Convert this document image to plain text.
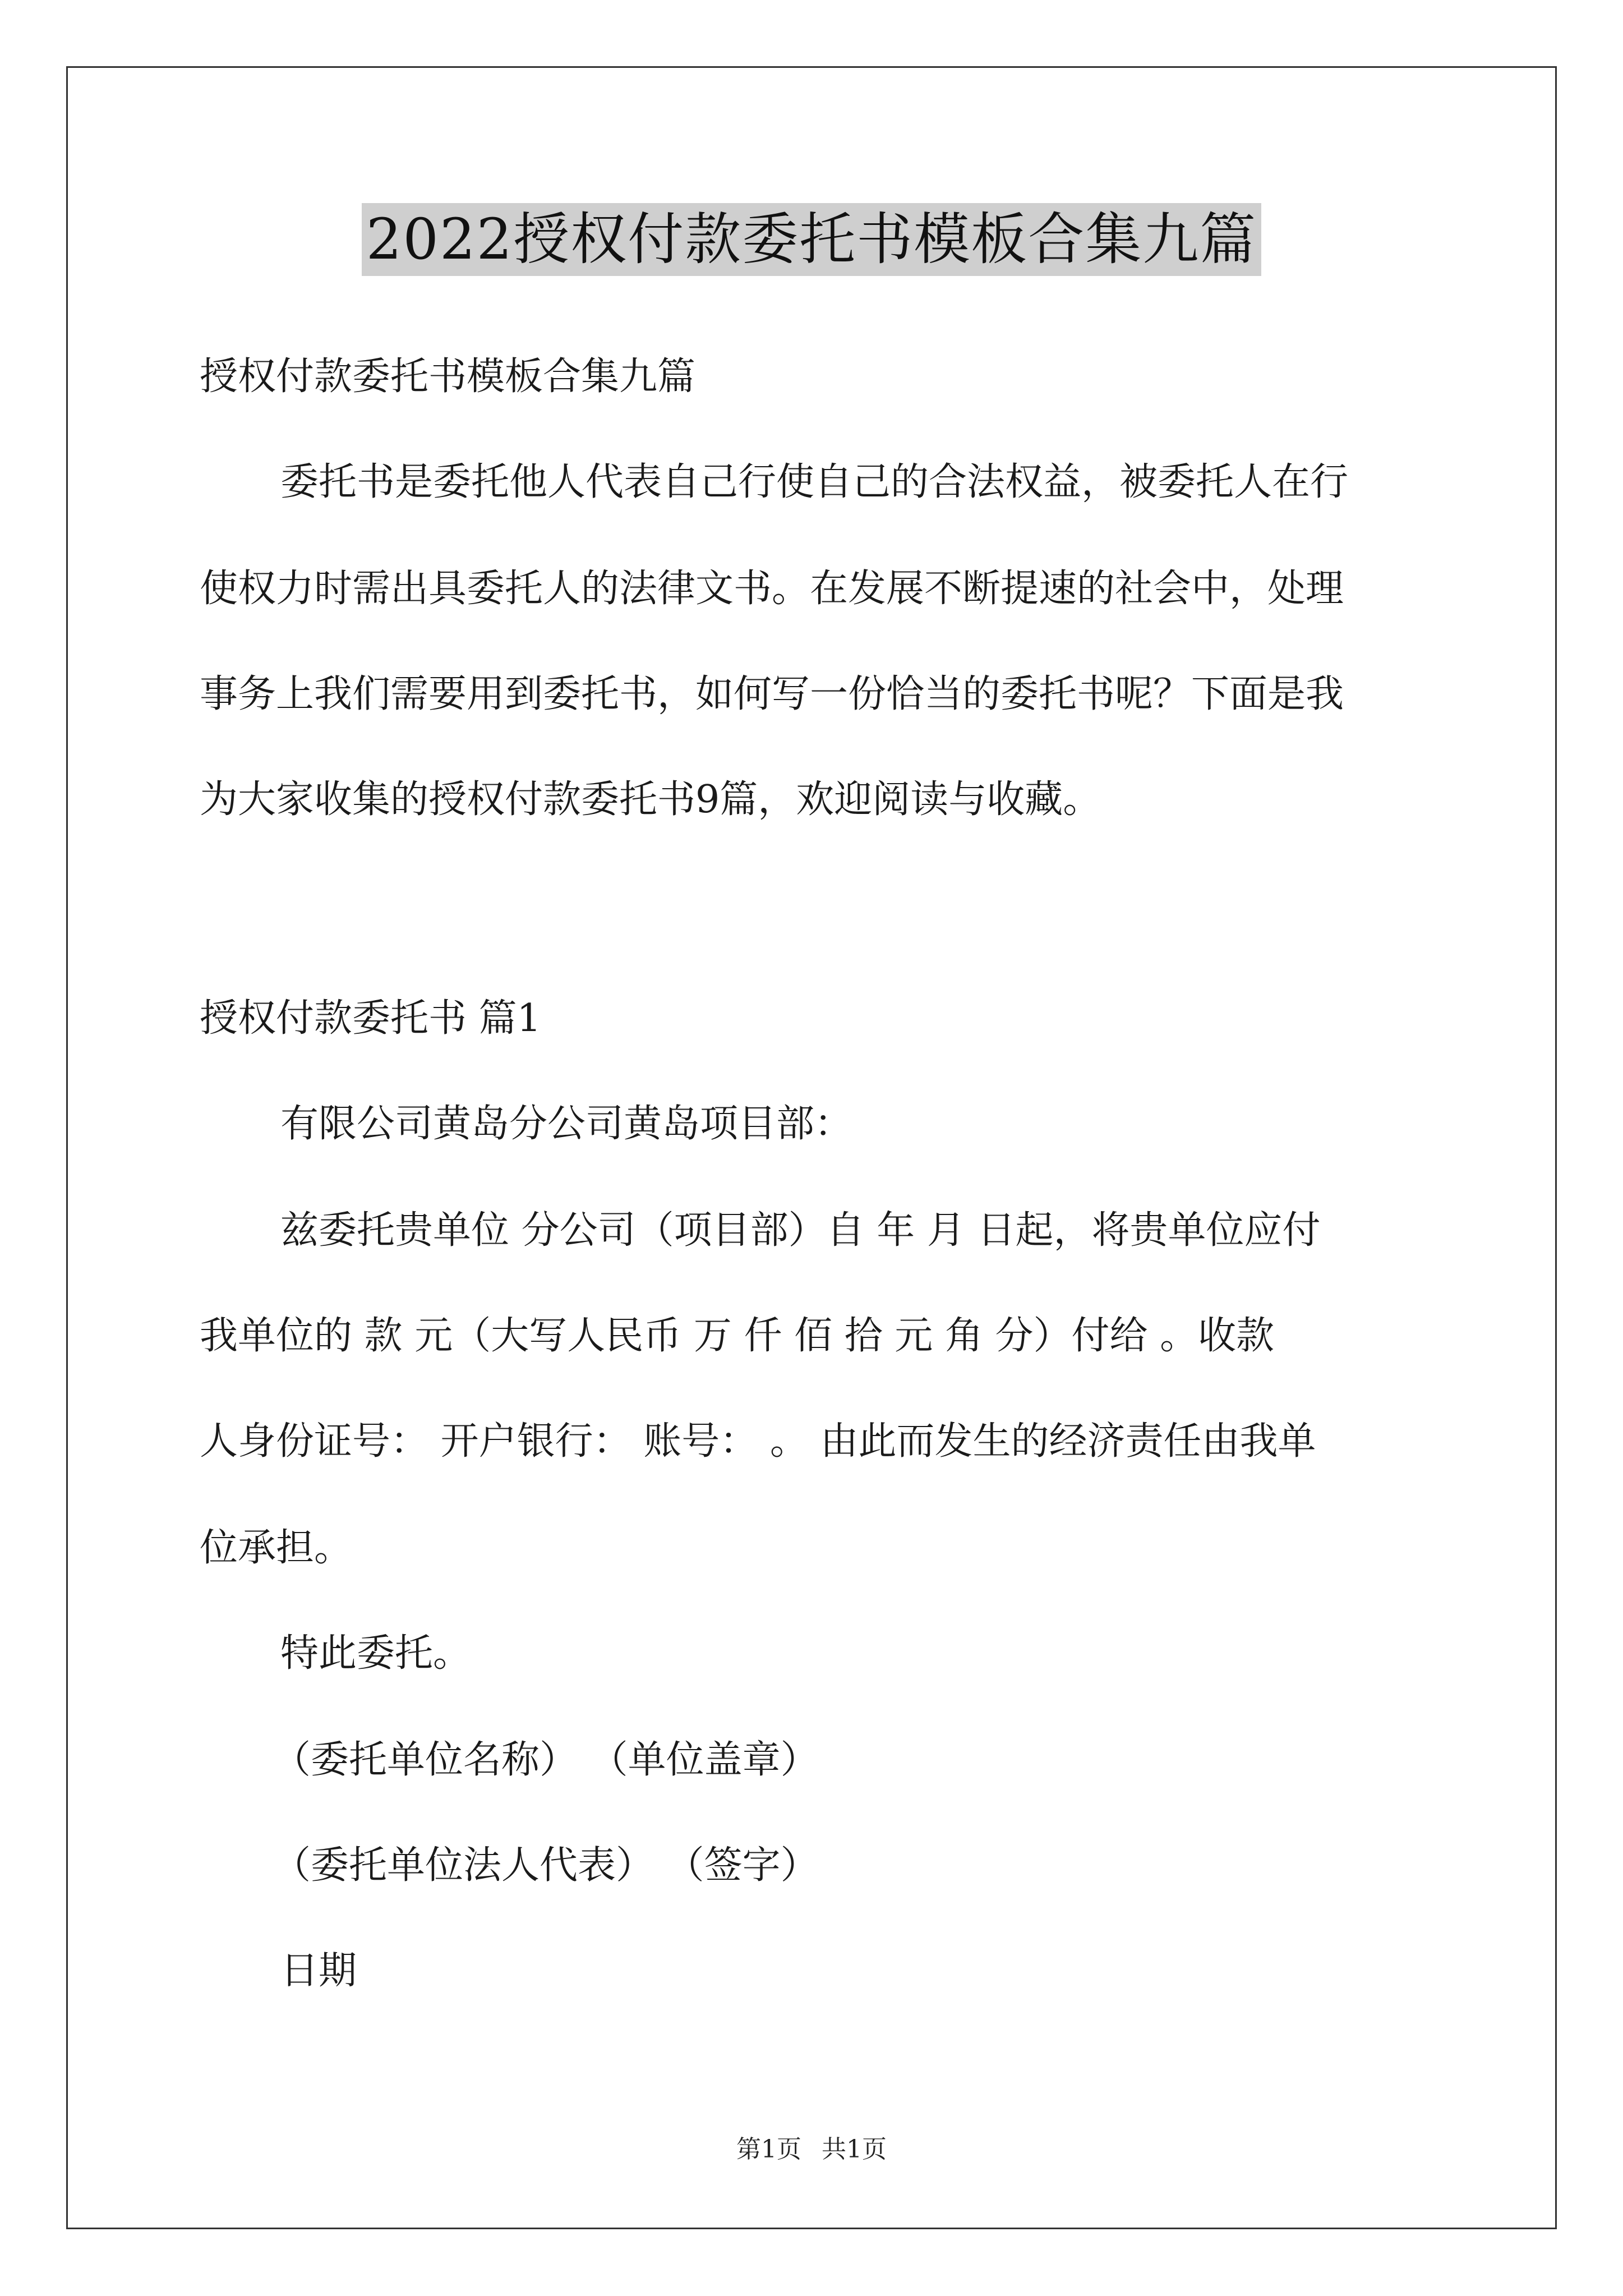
2022授权付款委托书模板合集九篇
授权付款委托书模板合集九篇
委托书是委托他人代表自己行使自己的合法权益，被委托人在行
使权力时需出具委托人的法律文书。在发展不断提速的社会中，处理
事务上我们需要用到委托书，如何写一份恰当的委托书呢？下面是我
为大家收集的授权付款委托书9篇，欢迎阅读与收藏。
授权付款委托书 篇1
有限公司黄岛分公司黄岛项目部：
兹委托贵单位 分公司（项目部）自 年 月 日起，将贵单位应付
我单位的 款 元（大写人民币 万 仟 佰 拾 元 角 分）付给 。收款
人身份证号： 开户银行： 账号： 。 由此而发生的经济责任由我单
位承担。
特此委托。
（委托单位名称） （单位盖章）
（委托单位法人代表） （签字）
日期
第1页 共1页
